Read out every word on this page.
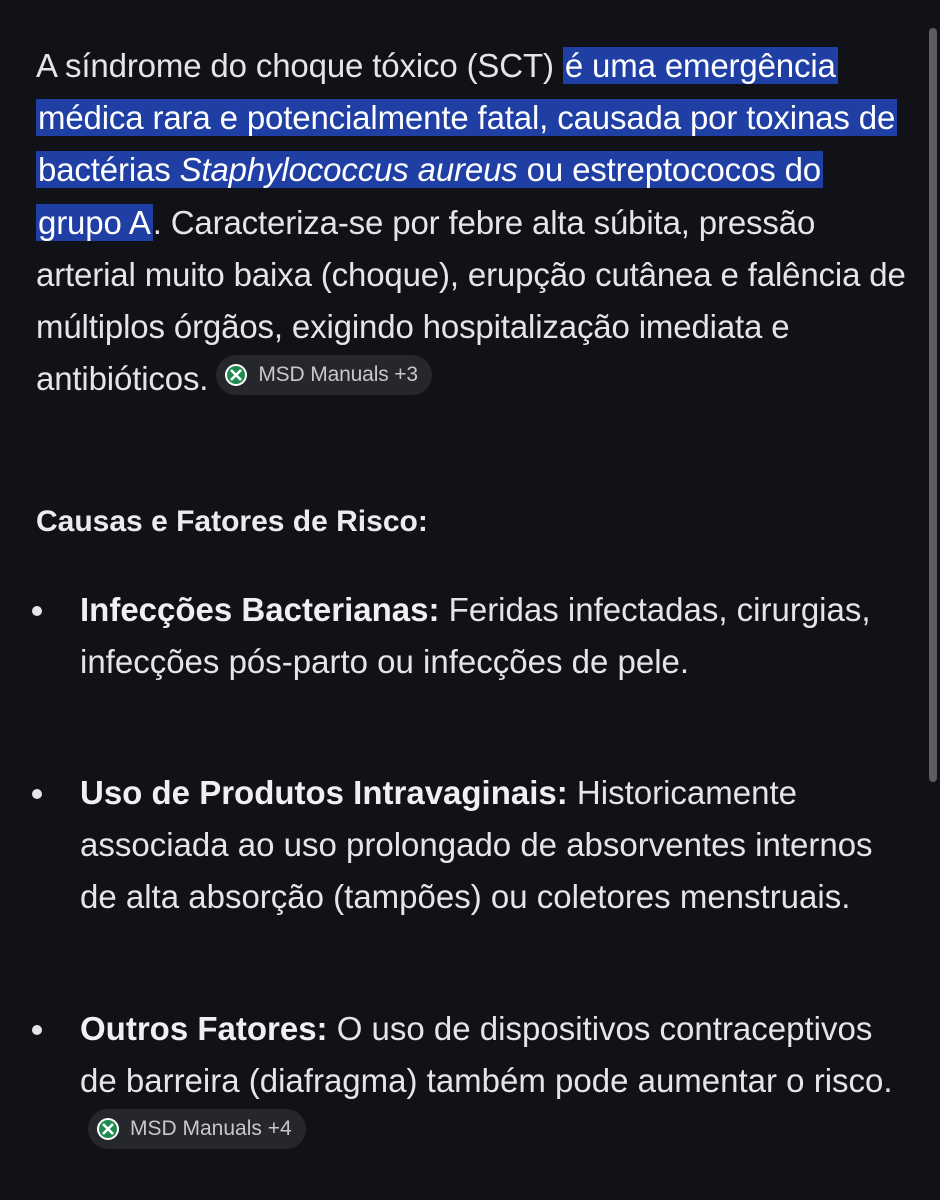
A síndrome do choque tóxico (SCT) é uma emergência médica rara e potencialmente fatal, causada por toxinas de bactérias Staphylococcus aureus ou estreptococos do grupo A. Caracteriza-se por febre alta súbita, pressão arterial muito baixa (choque), erupção cutânea e falência de múltiplos órgãos, exigindo hospitalização imediata e antibióticos. MSD Manuals +3

Causas e Fatores de Risco:
Infecções Bacterianas: Feridas infectadas, cirurgias, infecções pós-parto ou infecções de pele.
Uso de Produtos Intravaginais: Historicamente associada ao uso prolongado de absorventes internos de alta absorção (tampões) ou coletores menstruais.
Outros Fatores: O uso de dispositivos contraceptivos de barreira (diafragma) também pode aumentar o risco.
MSD Manuals +4
